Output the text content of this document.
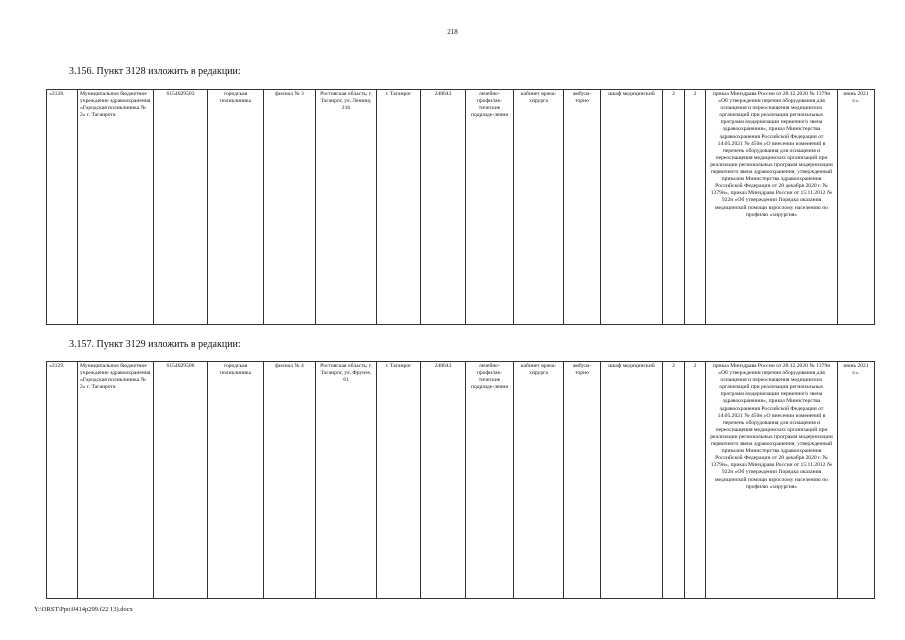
218
3.156. Пункт 3128 изложить в редакции:
«3128.	Муниципальное бюджетное учреждение здравоохранения «Городская поликлиника № 2» г. Таганрога	6154029503	городская поликлиника	филиал № 3	Ростовская область, г. Таганрог, ул. Ленина, 216	г. Таганрог	248643	лечебно-профилак-тические подразде-ления	кабинет врача-хирурга	амбула-торно	шкаф медицинский	2	2	приказ Минздрава России от 28.12.2020 № 1379н «Об утверждении перечня оборудования для оснащения и переоснащения медицинских организаций при реализации региональных программ модернизации первичного звена здравоохранения», приказ Министерства здравоохранения Российской Федерации от 14.05.2021 № 450н «О внесении изменений в перечень оборудования для оснащения и переоснащения медицинских организаций при реализации региональных программ модернизации первичного звена здравоохранения, утвержденный приказом Министерства здравоохранения Российской Федерации от 28 декабря 2020 г. № 1379н», приказ Минздрава России от 15.11.2012 № 922н «Об утверждении Порядка оказания медицинской помощи взрослому населению по профилю «хирургия»	июнь 2021 г.».
3.157. Пункт 3129 изложить в редакции:
«3129.	Муниципальное бюджетное учреждение здравоохранения «Городская поликлиника № 2» г. Таганрога	6154029506	городская поликлиника	филиал № 4	Ростовская область, г. Таганрог, ул. Фрунзе, 61	г. Таганрог	248643	лечебно-профилак-тические подразде-ления	кабинет врача-хирурга	амбула-торно	шкаф медицинский	2	2	приказ Минздрава России от 28.12.2020 № 1379н «Об утверждении перечня оборудования для оснащения и переоснащения медицинских организаций при реализации региональных программ модернизации первичного звена здравоохранения», приказ Министерства здравоохранения Российской Федерации от 14.05.2021 № 450н «О внесении изменений в перечень оборудования для оснащения и переоснащения медицинских организаций при реализации региональных программ модернизации первичного звена здравоохранения, утвержденный приказом Министерства здравоохранения Российской Федерации от 28 декабря 2020 г. № 1379н», приказ Минздрава России от 15.11.2012 № 922н «Об утверждении Порядка оказания медицинской помощи взрослому населению по профилю «хирургия»	июнь 2021 г.».
Y:\ORST\Ppo\0414p299.f22 13).docx
